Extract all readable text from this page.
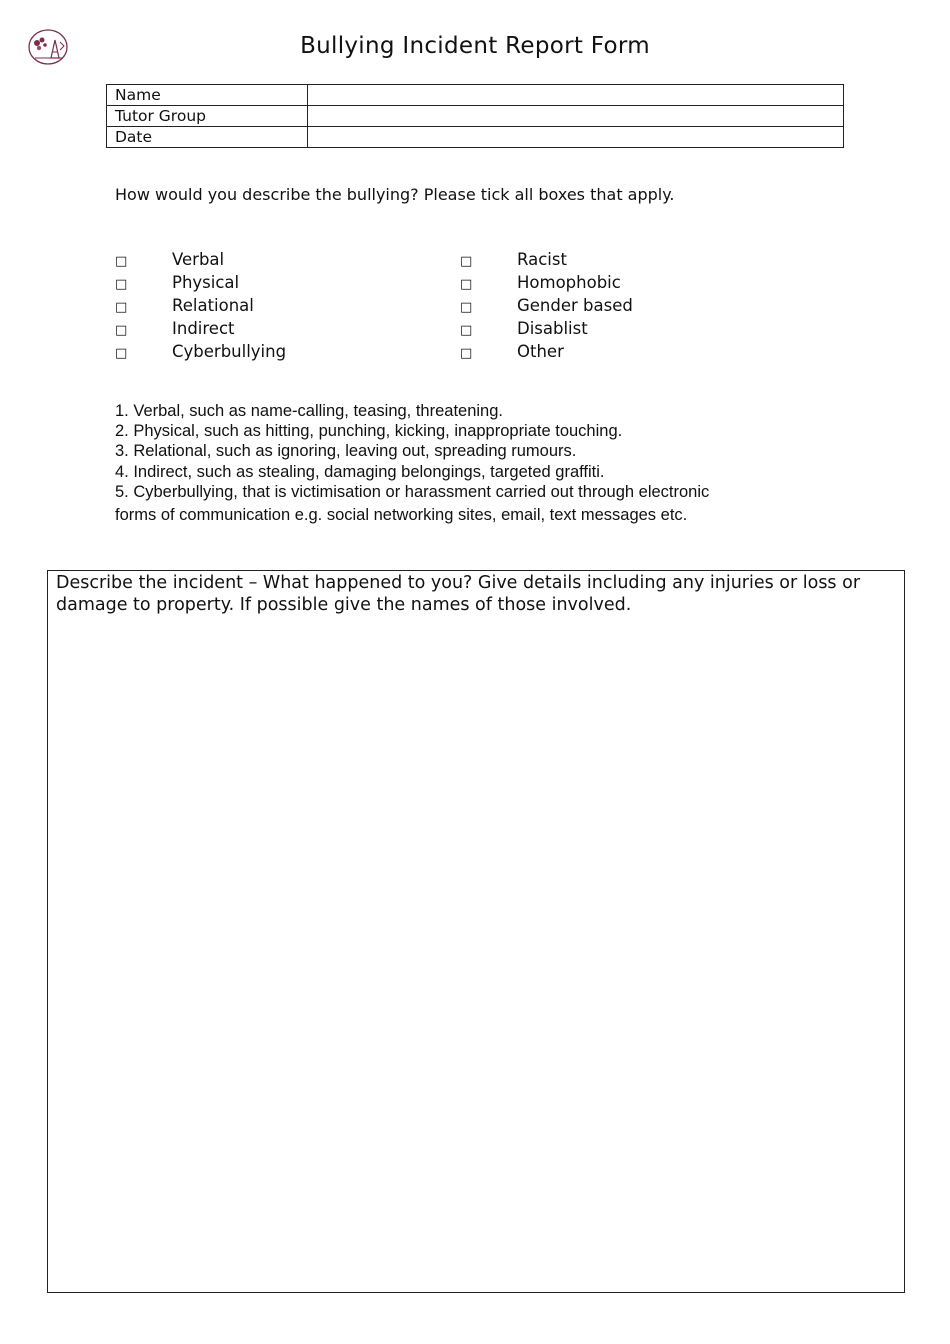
Bullying Incident Report Form
Name	
Tutor Group	
Date	

How would you describe the bullying? Please tick all boxes that apply.

□	Verbal
□	Physical
□	Relational
□	Indirect
□	Cyberbullying
□	Racist
□	Homophobic
□	Gender based
□	Disablist
□	Other
1. Verbal, such as name-calling, teasing, threatening.
2. Physical, such as hitting, punching, kicking, inappropriate touching.
3. Relational, such as ignoring, leaving out, spreading rumours.
4. Indirect, such as stealing, damaging belongings, targeted graffiti.
5. Cyberbullying, that is victimisation or harassment carried out through electronic
forms of communication e.g. social networking sites, email, text messages etc.
Describe the incident – What happened to you? Give details including any injuries or loss or damage to property. If possible give the names of those involved.
